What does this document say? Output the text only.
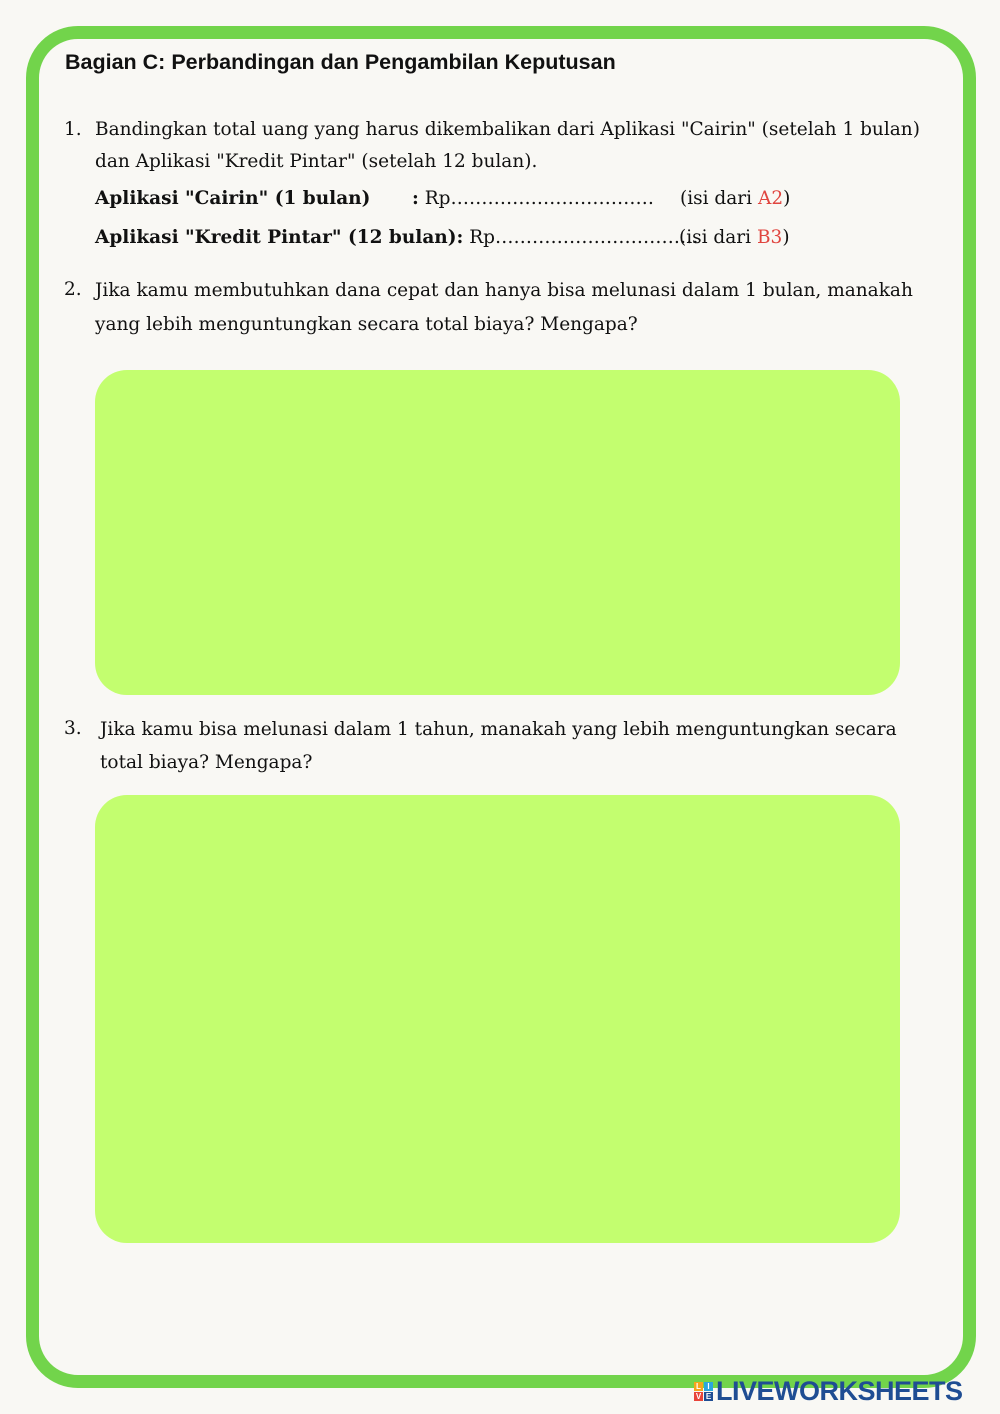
Bagian C: Perbandingan dan Pengambilan Keputusan
1. Bandingkan total uang yang harus dikembalikan dari Aplikasi "Cairin" (setelah 1 bulan) dan Aplikasi "Kredit Pintar" (setelah 12 bulan).
Aplikasi "Cairin" (1 bulan) : Rp…………………………… (isi dari A2)
Aplikasi "Kredit Pintar" (12 bulan): Rp……………………………
(isi dari B3)
2. Jika kamu membutuhkan dana cepat dan hanya bisa melunasi dalam 1 bulan, manakah yang lebih menguntungkan secara total biaya? Mengapa?
3. Jika kamu bisa melunasi dalam 1 tahun, manakah yang lebih menguntungkan secara total biaya? Mengapa?
L I
V E LIVEWORKSHEETS
